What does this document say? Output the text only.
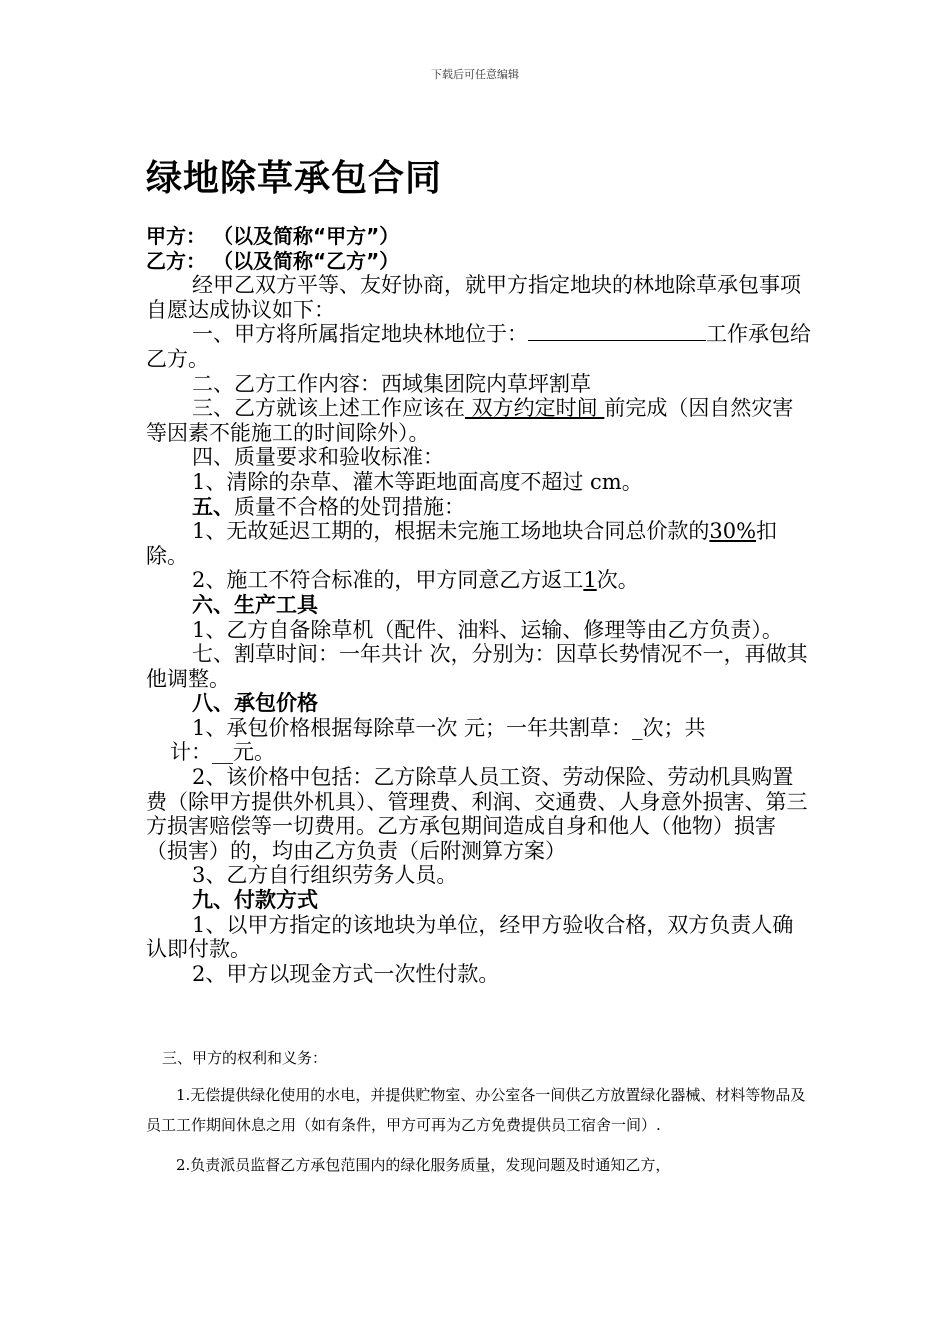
下载后可任意编辑
绿地除草承包合同

甲方： （以及简称“甲方”）

乙方： （以及简称“乙方”）

经甲乙双方平等、友好协商，就甲方指定地块的林地除草承包事项自愿达成协议如下：

一、甲方将所属指定地块林地位于：	工作承包给乙方。

二、乙方工作内容：西域集团院内草坪割草

三、乙方就该上述工作应该在 双方约定时间 前完成（因自然灾害等因素不能施工的时间除外）。

四、质量要求和验收标准：

1、清除的杂草、灌木等距地面高度不超过 cm。

五、质量不合格的处罚措施：

1、无故延迟工期的，根据未完施工场地块合同总价款的30%扣除。

2、施工不符合标准的，甲方同意乙方返工1次。

六、生产工具

1、乙方自备除草机（配件、油料、运输、修理等由乙方负责）。

七、割草时间：一年共计 次，分别为：因草长势情况不一，再做其他调整。

八、承包价格

1、承包价格根据每除草一次 元；一年共割草：_次；共

计：__元。

2、该价格中包括：乙方除草人员工资、劳动保险、劳动机具购置费（除甲方提供外机具）、管理费、利润、交通费、人身意外损害、第三方损害赔偿等一切费用。乙方承包期间造成自身和他人（他物）损害（损害）的，均由乙方负责（后附测算方案）

3、乙方自行组织劳务人员。

九、付款方式

1、以甲方指定的该地块为单位，经甲方验收合格，双方负责人确认即付款。

2、甲方以现金方式一次性付款。

三、甲方的权利和义务：

1.无偿提供绿化使用的水电，并提供贮物室、办公室各一间供乙方放置绿化器械、材料等物品及员工工作期间休息之用（如有条件，甲方可再为乙方免费提供员工宿舍一间）.

2.负责派员监督乙方承包范围内的绿化服务质量，发现问题及时通知乙方，
